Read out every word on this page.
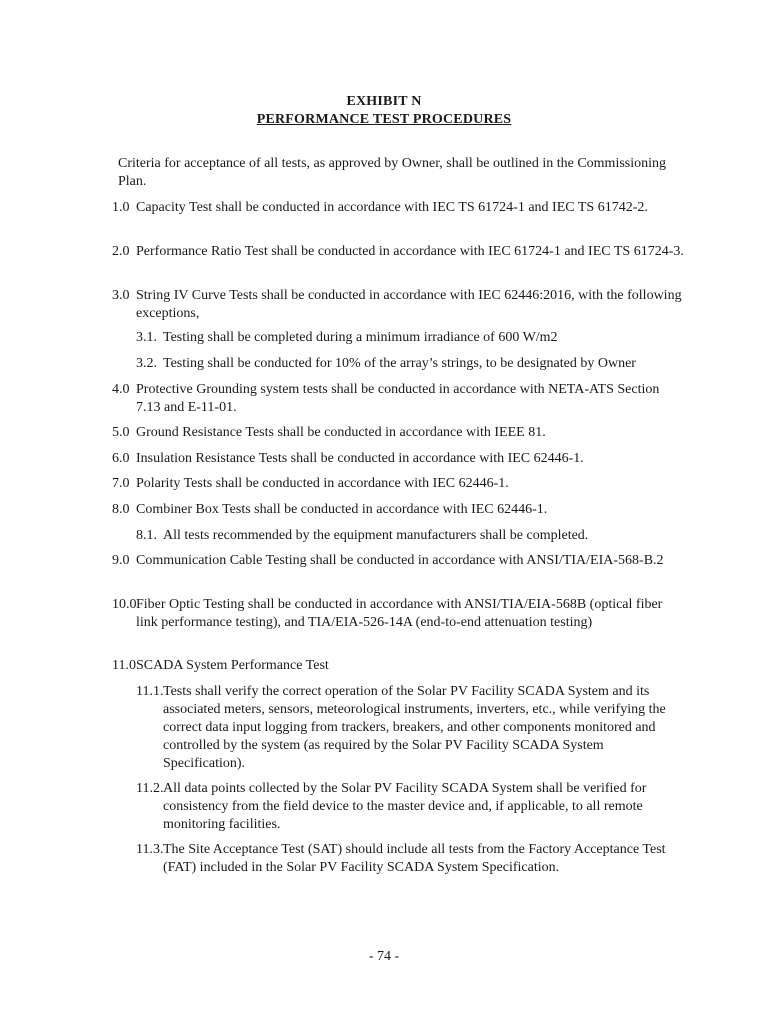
EXHIBIT N
PERFORMANCE TEST PROCEDURES
Criteria for acceptance of all tests, as approved by Owner, shall be outlined in the Commissioning Plan.
1.0 Capacity Test shall be conducted in accordance with IEC TS 61724-1 and IEC TS 61742-2.
2.0 Performance Ratio Test shall be conducted in accordance with IEC 61724-1 and IEC TS 61724-3.
3.0 String IV Curve Tests shall be conducted in accordance with IEC 62446:2016, with the following exceptions,
3.1. Testing shall be completed during a minimum irradiance of 600 W/m2
3.2. Testing shall be conducted for 10% of the array’s strings, to be designated by Owner
4.0 Protective Grounding system tests shall be conducted in accordance with NETA-ATS Section 7.13 and E-11-01.
5.0 Ground Resistance Tests shall be conducted in accordance with IEEE 81.
6.0 Insulation Resistance Tests shall be conducted in accordance with IEC 62446-1.
7.0 Polarity Tests shall be conducted in accordance with IEC 62446-1.
8.0 Combiner Box Tests shall be conducted in accordance with IEC 62446-1.
8.1. All tests recommended by the equipment manufacturers shall be completed.
9.0 Communication Cable Testing shall be conducted in accordance with ANSI/TIA/EIA-568-B.2
10.0 Fiber Optic Testing shall be conducted in accordance with ANSI/TIA/EIA-568B (optical fiber link performance testing), and TIA/EIA-526-14A (end-to-end attenuation testing)
11.0 SCADA System Performance Test
11.1. Tests shall verify the correct operation of the Solar PV Facility SCADA System and its associated meters, sensors, meteorological instruments, inverters, etc., while verifying the correct data input logging from trackers, breakers, and other components monitored and controlled by the system (as required by the Solar PV Facility SCADA System Specification).
11.2. All data points collected by the Solar PV Facility SCADA System shall be verified for consistency from the field device to the master device and, if applicable, to all remote monitoring facilities.
11.3. The Site Acceptance Test (SAT) should include all tests from the Factory Acceptance Test (FAT) included in the Solar PV Facility SCADA System Specification.
- 74 -
